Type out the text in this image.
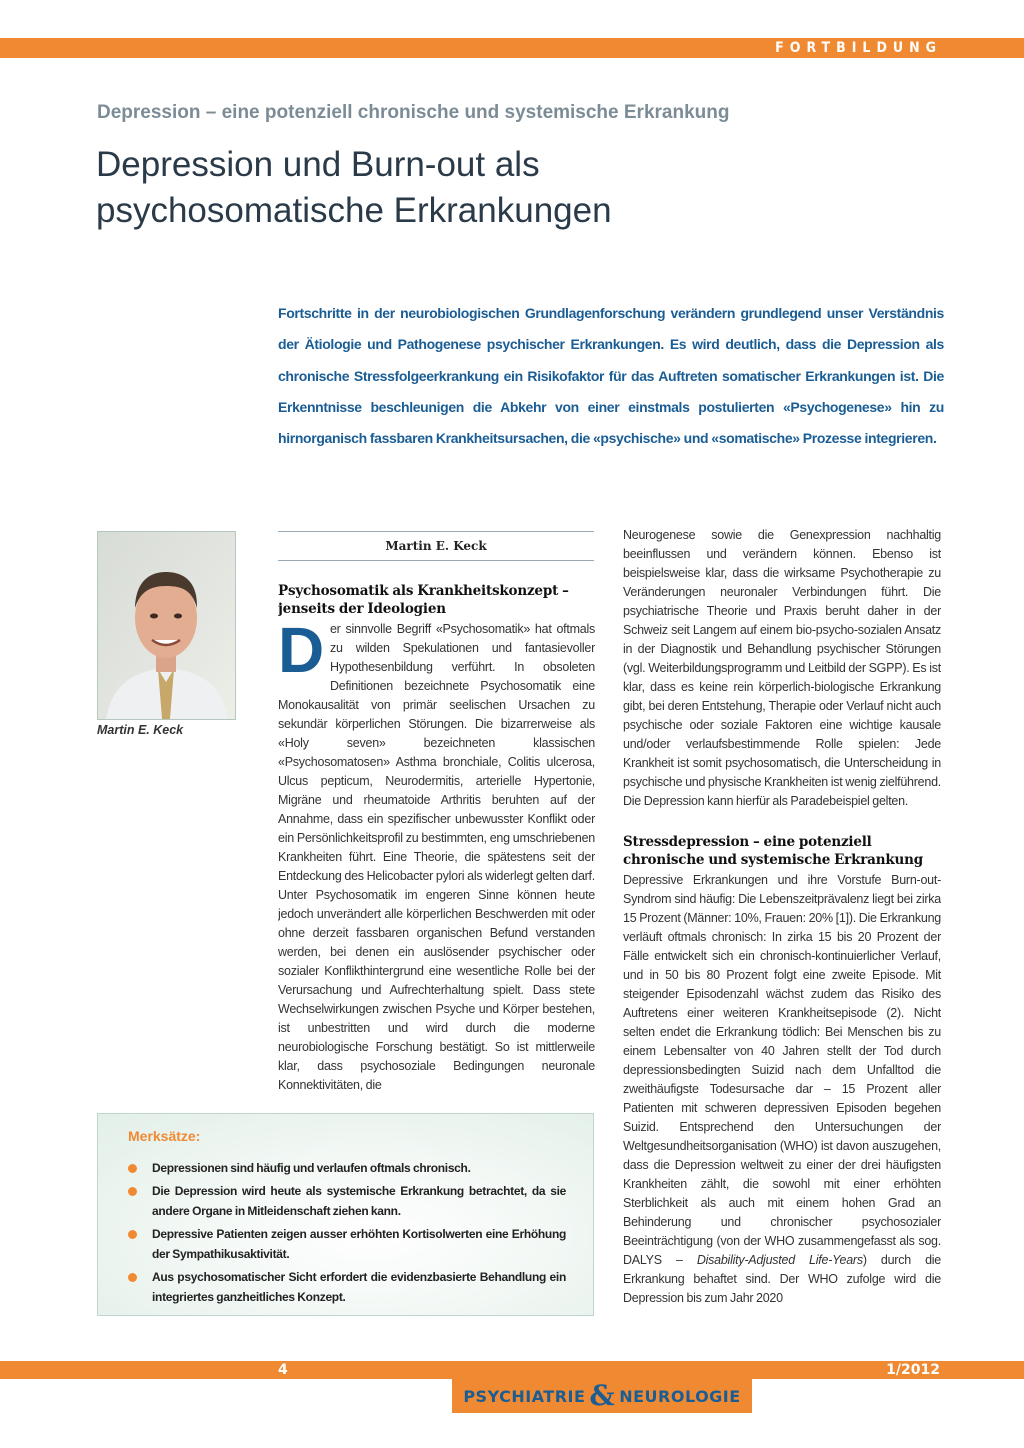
FORTBILDUNG
Depression – eine potenziell chronische und systemische Erkrankung
Depression und Burn-out als
psychosomatische Erkrankungen

Fortschritte in der neurobiologischen Grundlagenforschung verändern grundlegend unser Verständnis der Ätiologie und Pathogenese psychischer Erkrankungen. Es wird deutlich, dass die Depression als chronische Stressfolgeerkrankung ein Risikofaktor für das Auftreten somatischer Erkrankungen ist. Die Erkenntnisse beschleunigen die Abkehr von einer einstmals postulierten «Psychogenese» hin zu hirnorganisch fassbaren Krankheitsursachen, die «psychische» und «somatische» Prozesse integrieren.

Martin E. Keck
Martin E. Keck
Psychosomatik als Krankheitskonzept – jenseits der Ideologien

Der sinnvolle Begriff «Psychosomatik» hat oftmals zu wilden Spekulationen und fantasievoller Hypothesenbildung verführt. In obsoleten Definitionen bezeichnete Psychosomatik eine Monokausalität von primär seelischen Ursachen zu sekundär körperlichen Störungen. Die bizarrerweise als «Holy seven» bezeichneten klassischen «Psychosomatosen» Asthma bronchiale, Colitis ulcerosa, Ulcus pepticum, Neurodermitis, arterielle Hypertonie, Migräne und rheumatoide Arthritis beruhten auf der Annahme, dass ein spezifischer unbewusster Konflikt oder ein Persönlichkeitsprofil zu bestimmten, eng umschriebenen Krankheiten führt. Eine Theorie, die spätestens seit der Entdeckung des Helicobacter pylori als widerlegt gelten darf. Unter Psychosomatik im engeren Sinne können heute jedoch unverändert alle körperlichen Beschwerden mit oder ohne derzeit fassbaren organischen Befund verstanden werden, bei denen ein auslösender psychischer oder sozialer Konflikthintergrund eine wesentliche Rolle bei der Verursachung und Aufrechterhaltung spielt. Dass stete Wechselwirkungen zwischen Psyche und Körper bestehen, ist unbestritten und wird durch die moderne neurobiologische Forschung bestätigt. So ist mittlerweile klar, dass psychosoziale Bedingungen neuronale Konnektivitäten, die

Neurogenese sowie die Genexpression nachhaltig beeinflussen und verändern können. Ebenso ist beispielsweise klar, dass die wirksame Psychotherapie zu Veränderungen neuronaler Verbindungen führt. Die psychiatrische Theorie und Praxis beruht daher in der Schweiz seit Langem auf einem bio-psycho-sozialen Ansatz in der Diagnostik und Behandlung psychischer Störungen (vgl. Weiterbildungsprogramm und Leitbild der SGPP). Es ist klar, dass es keine rein körperlich-biologische Erkrankung gibt, bei deren Entstehung, Therapie oder Verlauf nicht auch psychische oder soziale Faktoren eine wichtige kausale und/oder verlaufsbestimmende Rolle spielen: Jede Krankheit ist somit psychosomatisch, die Unterscheidung in psychische und physische Krankheiten ist wenig zielführend. Die Depression kann hierfür als Paradebeispiel gelten.

Stressdepression – eine potenziell chronische und systemische Erkrankung

Depressive Erkrankungen und ihre Vorstufe Burn-out-Syndrom sind häufig: Die Lebenszeitprävalenz liegt bei zirka 15 Prozent (Männer: 10%, Frauen: 20% [1]). Die Erkrankung verläuft oftmals chronisch: In zirka 15 bis 20 Prozent der Fälle entwickelt sich ein chronisch-kontinuierlicher Verlauf, und in 50 bis 80 Prozent folgt eine zweite Episode. Mit steigender Episodenzahl wächst zudem das Risiko des Auftretens einer weiteren Krankheitsepisode (2). Nicht selten endet die Erkrankung tödlich: Bei Menschen bis zu einem Lebensalter von 40 Jahren stellt der Tod durch depressionsbedingten Suizid nach dem Unfalltod die zweithäufigste Todesursache dar – 15 Prozent aller Patienten mit schweren depressiven Episoden begehen Suizid. Entsprechend den Untersuchungen der Weltgesundheitsorganisation (WHO) ist davon auszugehen, dass die Depression weltweit zu einer der drei häufigsten Krankheiten zählt, die sowohl mit einer erhöhten Sterblichkeit als auch mit einem hohen Grad an Behinderung und chronischer psychosozialer Beeinträchtigung (von der WHO zusammengefasst als sog. DALYS – Disability-Adjusted Life-Years) durch die Erkrankung behaftet sind. Der WHO zufolge wird die Depression bis zum Jahr 2020

Merksätze:
Depressionen sind häufig und verlaufen oftmals chronisch.
Die Depression wird heute als systemische Erkrankung betrachtet, da sie andere Organe in Mitleidenschaft ziehen kann.
Depressive Patienten zeigen ausser erhöhten Kortisolwerten eine Erhöhung der Sympathikusaktivität.
Aus psychosomatischer Sicht erfordert die evidenzbasierte Behandlung ein integriertes ganzheitliches Konzept.
4	1/2012
PSYCHIATRIE & NEUROLOGIE
